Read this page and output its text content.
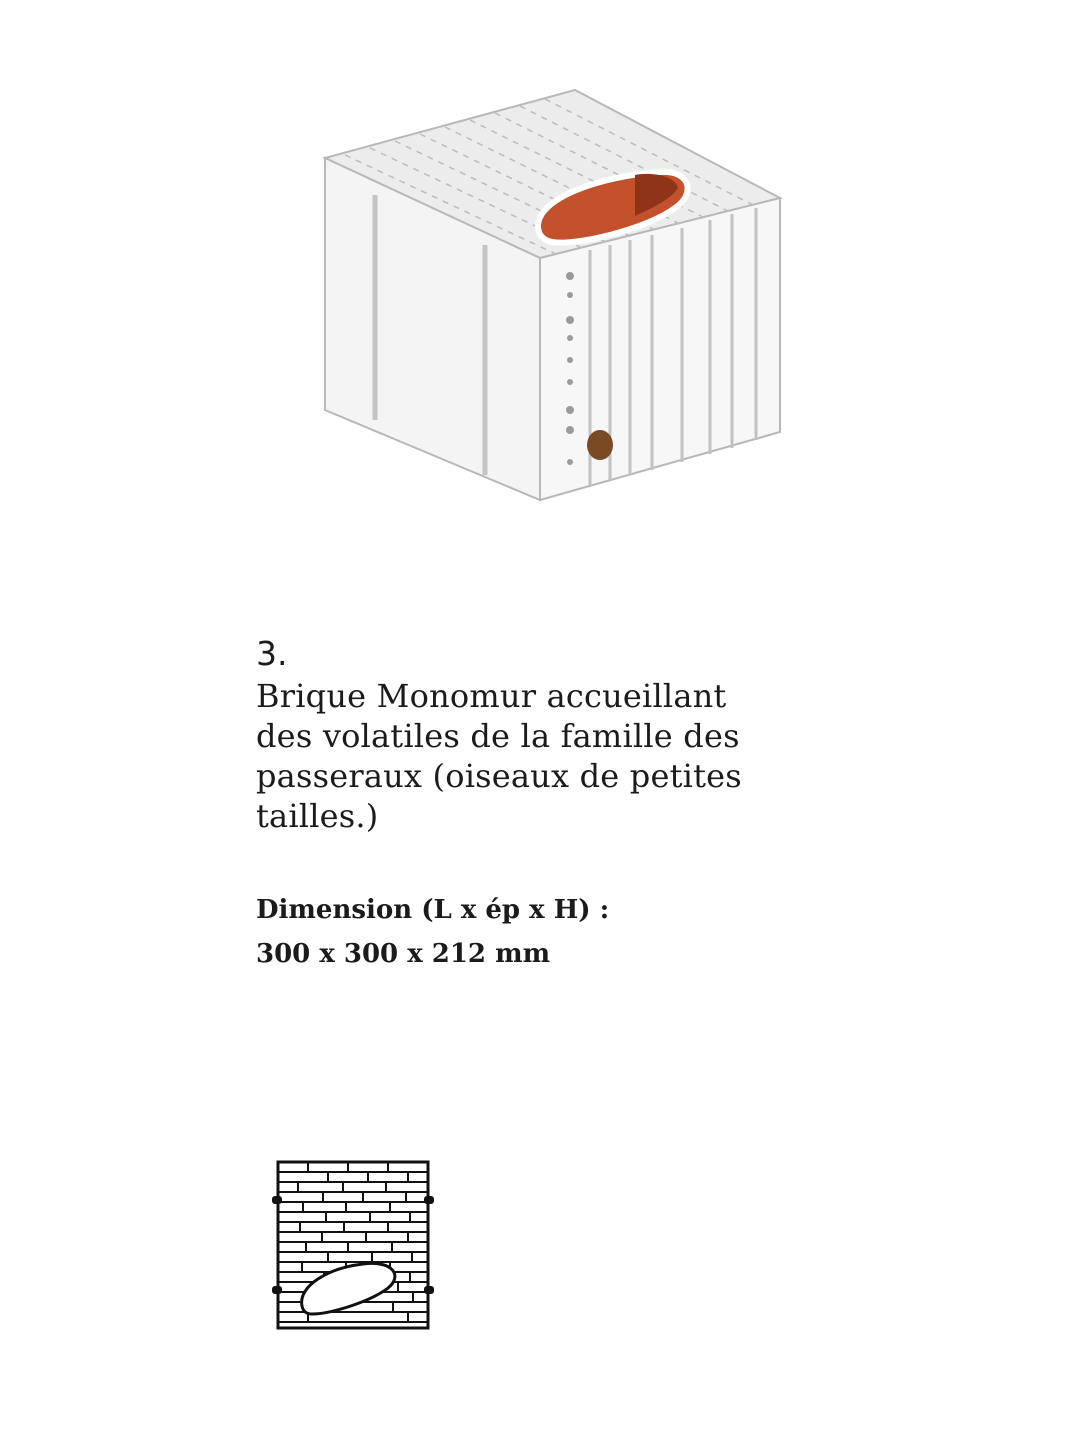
3.

Brique Monomur accueillant
des volatiles de la famille des
passeraux (oiseaux de petites
tailles.)

Dimension (L x ép x H) :
300 x 300 x 212 mm
